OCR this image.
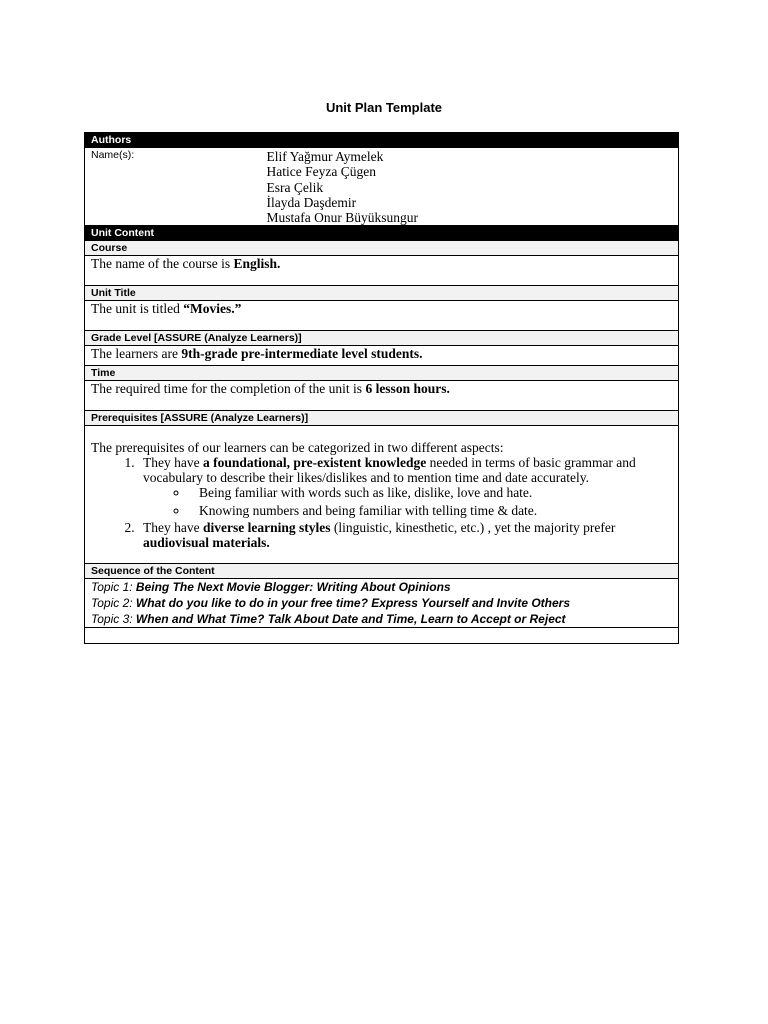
Unit Plan Template
Authors
Name(s):	Elif Yağmur Aymelek
Hatice Feyza Çügen
Esra Çelik
İlayda Daşdemir
Mustafa Onur Büyüksungur

Unit Content
Course
The name of the course is English.
Unit Title
The unit is titled “Movies.”
Grade Level [ASSURE (Analyze Learners)]
The learners are 9th-grade pre-intermediate level students.
Time
The required time for the completion of the unit is 6 lesson hours.
Prerequisites [ASSURE (Analyze Learners)]

The prerequisites of our learners can be categorized in two different aspects:
1. They have a foundational, pre-existent knowledge needed in terms of basic grammar and vocabulary to describe their likes/dislikes and to mention time and date accurately.
◦ Being familiar with words such as like, dislike, love and hate.
◦ Knowing numbers and being familiar with telling time & date.
2. They have diverse learning styles (linguistic, kinesthetic, etc.) , yet the majority prefer audiovisual materials.

Sequence of the Content

Topic 1: Being The Next Movie Blogger: Writing About Opinions
Topic 2: What do you like to do in your free time? Express Yourself and Invite Others
Topic 3: When and What Time? Talk About Date and Time, Learn to Accept or Reject
